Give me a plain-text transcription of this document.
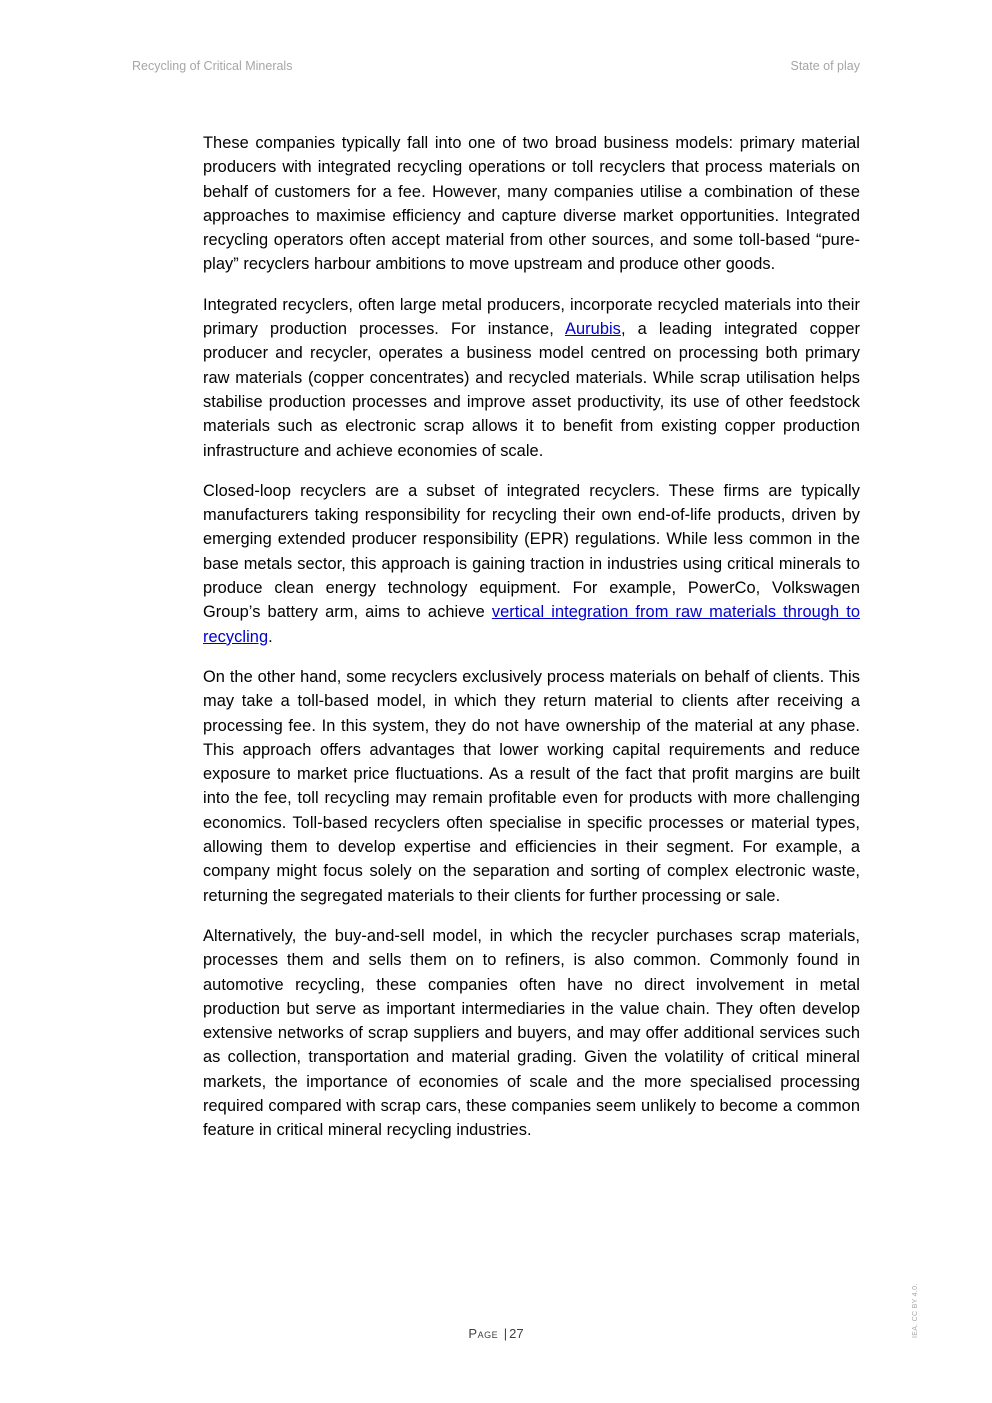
Recycling of Critical Minerals	State of play

These companies typically fall into one of two broad business models: primary material producers with integrated recycling operations or toll recyclers that process materials on behalf of customers for a fee. However, many companies utilise a combination of these approaches to maximise efficiency and capture diverse market opportunities. Integrated recycling operators often accept material from other sources, and some toll-based “pure-play” recyclers harbour ambitions to move upstream and produce other goods.

Integrated recyclers, often large metal producers, incorporate recycled materials into their primary production processes. For instance, Aurubis, a leading integrated copper producer and recycler, operates a business model centred on processing both primary raw materials (copper concentrates) and recycled materials. While scrap utilisation helps stabilise production processes and improve asset productivity, its use of other feedstock materials such as electronic scrap allows it to benefit from existing copper production infrastructure and achieve economies of scale.

Closed-loop recyclers are a subset of integrated recyclers. These firms are typically manufacturers taking responsibility for recycling their own end-of-life products, driven by emerging extended producer responsibility (EPR) regulations. While less common in the base metals sector, this approach is gaining traction in industries using critical minerals to produce clean energy technology equipment. For example, PowerCo, Volkswagen Group’s battery arm, aims to achieve vertical integration from raw materials through to recycling.

On the other hand, some recyclers exclusively process materials on behalf of clients. This may take a toll-based model, in which they return material to clients after receiving a processing fee. In this system, they do not have ownership of the material at any phase. This approach offers advantages that lower working capital requirements and reduce exposure to market price fluctuations. As a result of the fact that profit margins are built into the fee, toll recycling may remain profitable even for products with more challenging economics. Toll-based recyclers often specialise in specific processes or material types, allowing them to develop expertise and efficiencies in their segment. For example, a company might focus solely on the separation and sorting of complex electronic waste, returning the segregated materials to their clients for further processing or sale.

Alternatively, the buy-and-sell model, in which the recycler purchases scrap materials, processes them and sells them on to refiners, is also common. Commonly found in automotive recycling, these companies often have no direct involvement in metal production but serve as important intermediaries in the value chain. They often develop extensive networks of scrap suppliers and buyers, and may offer additional services such as collection, transportation and material grading. Given the volatility of critical mineral markets, the importance of economies of scale and the more specialised processing required compared with scrap cars, these companies seem unlikely to become a common feature in critical mineral recycling industries.

Page | 27	IEA. CC BY 4.0.
